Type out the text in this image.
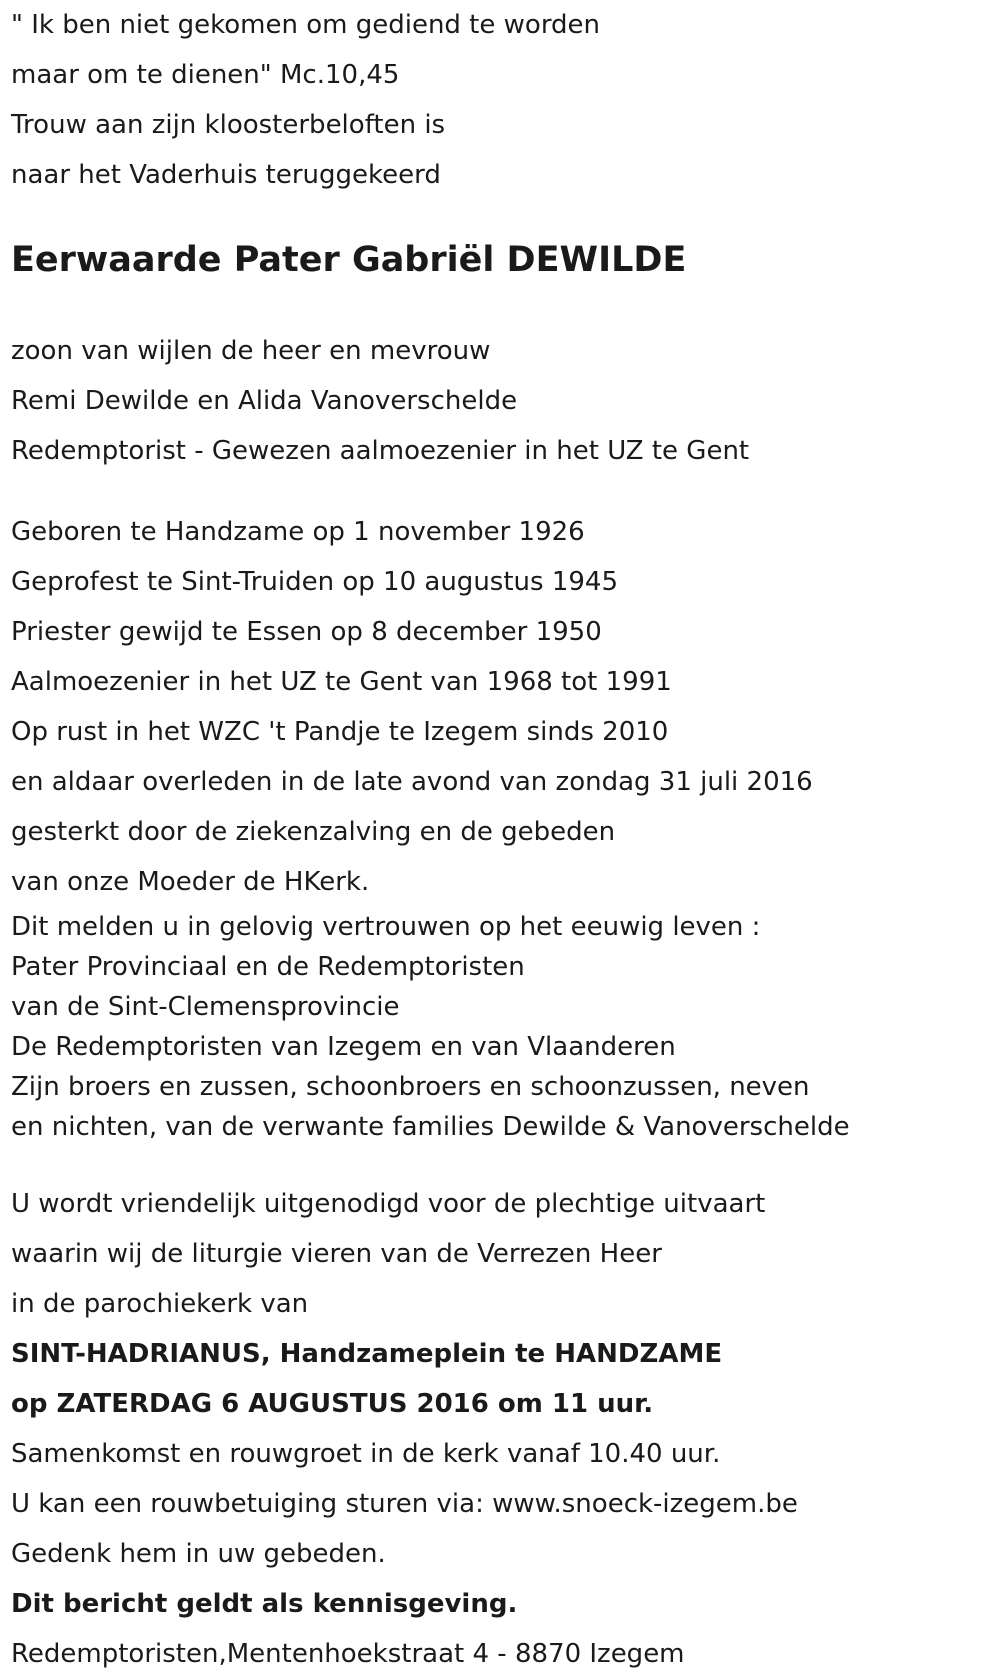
" Ik ben niet gekomen om gediend te worden
maar om te dienen" Mc.10,45
Trouw aan zijn kloosterbeloften is
naar het Vaderhuis teruggekeerd
Eerwaarde Pater Gabriël DEWILDE
zoon van wijlen de heer en mevrouw
Remi Dewilde en Alida Vanoverschelde
Redemptorist - Gewezen aalmoezenier in het UZ te Gent
Geboren te Handzame op 1 november 1926
Geprofest te Sint-Truiden op 10 augustus 1945
Priester gewijd te Essen op 8 december 1950
Aalmoezenier in het UZ te Gent van 1968 tot 1991
Op rust in het WZC 't Pandje te Izegem sinds 2010
en aldaar overleden in de late avond van zondag 31 juli 2016
gesterkt door de ziekenzalving en de gebeden
van onze Moeder de HKerk.
Dit melden u in gelovig vertrouwen op het eeuwig leven :
Pater Provinciaal en de Redemptoristen
van de Sint-Clemensprovincie
De Redemptoristen van Izegem en van Vlaanderen
Zijn broers en zussen, schoonbroers en schoonzussen, neven
en nichten, van de verwante families Dewilde & Vanoverschelde
U wordt vriendelijk uitgenodigd voor de plechtige uitvaart
waarin wij de liturgie vieren van de Verrezen Heer
in de parochiekerk van
SINT-HADRIANUS, Handzameplein te HANDZAME
op ZATERDAG 6 AUGUSTUS 2016 om 11 uur.
Samenkomst en rouwgroet in de kerk vanaf 10.40 uur.
U kan een rouwbetuiging sturen via: www.snoeck-izegem.be
Gedenk hem in uw gebeden.
Dit bericht geldt als kennisgeving.
Redemptoristen,Mentenhoekstraat 4 - 8870 Izegem
